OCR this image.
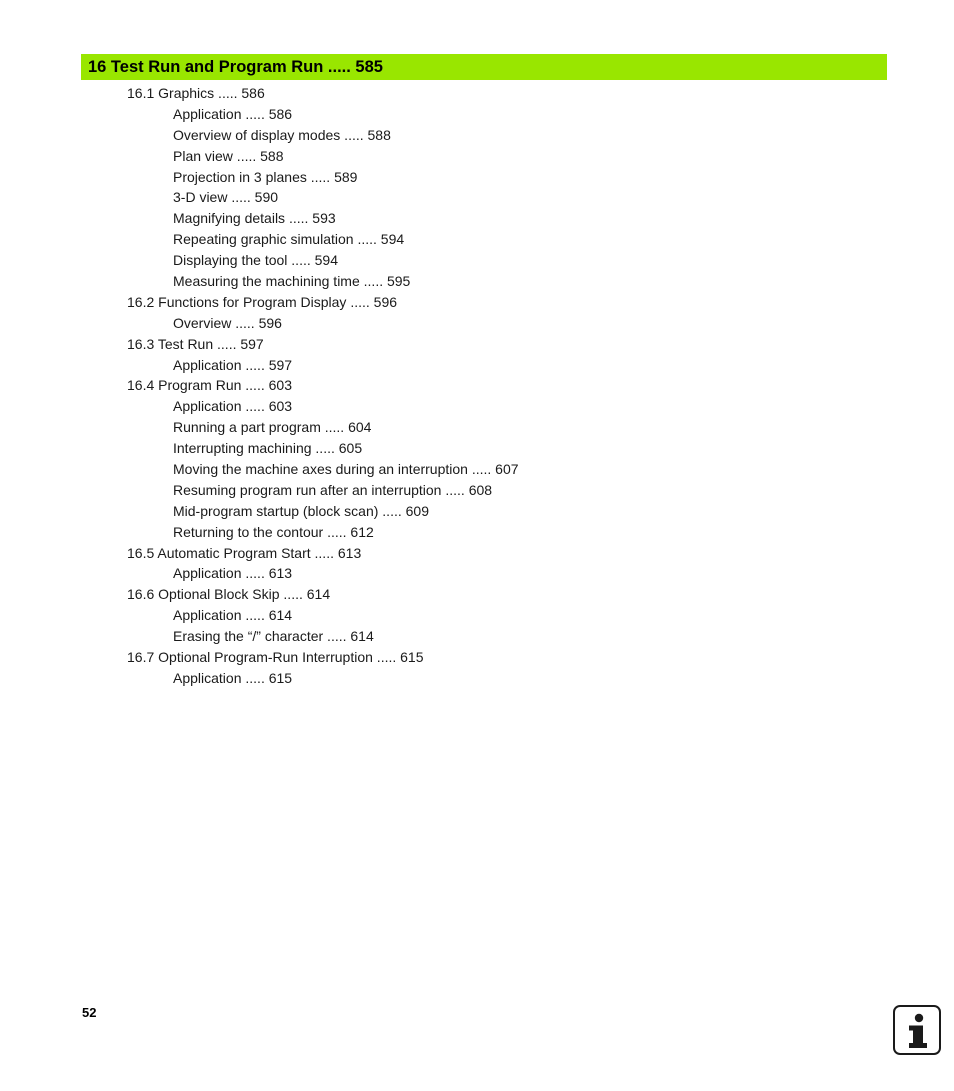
16 Test Run and Program Run ..... 585
16.1 Graphics ..... 586
Application ..... 586
Overview of display modes ..... 588
Plan view ..... 588
Projection in 3 planes ..... 589
3-D view ..... 590
Magnifying details ..... 593
Repeating graphic simulation ..... 594
Displaying the tool ..... 594
Measuring the machining time ..... 595
16.2 Functions for Program Display ..... 596
Overview ..... 596
16.3 Test Run ..... 597
Application ..... 597
16.4 Program Run ..... 603
Application ..... 603
Running a part program ..... 604
Interrupting machining ..... 605
Moving the machine axes during an interruption ..... 607
Resuming program run after an interruption ..... 608
Mid-program startup (block scan) ..... 609
Returning to the contour ..... 612
16.5 Automatic Program Start ..... 613
Application ..... 613
16.6 Optional Block Skip ..... 614
Application ..... 614
Erasing the “/” character ..... 614
16.7 Optional Program-Run Interruption ..... 615
Application ..... 615
52
